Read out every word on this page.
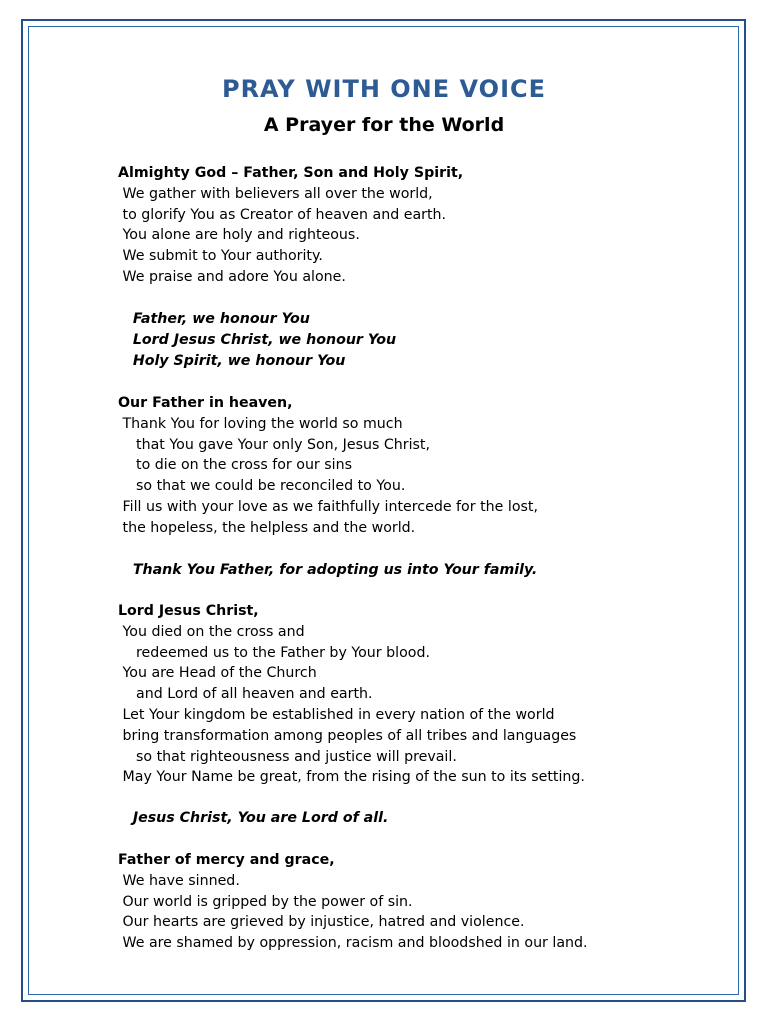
PRAY WITH ONE VOICE
A Prayer for the World
Almighty God – Father, Son and Holy Spirit,
We gather with believers all over the world,
to glorify You as Creator of heaven and earth.
You alone are holy and righteous.
We submit to Your authority.
We praise and adore You alone.
Father, we honour You
Lord Jesus Christ, we honour You
Holy Spirit, we honour You
Our Father in heaven,
Thank You for loving the world so much
that You gave Your only Son, Jesus Christ,
to die on the cross for our sins
so that we could be reconciled to You.
Fill us with your love as we faithfully intercede for the lost,
the hopeless, the helpless and the world.
Thank You Father, for adopting us into Your family.
Lord Jesus Christ,
You died on the cross and
redeemed us to the Father by Your blood.
You are Head of the Church
and Lord of all heaven and earth.
Let Your kingdom be established in every nation of the world
bring transformation among peoples of all tribes and languages
so that righteousness and justice will prevail.
May Your Name be great, from the rising of the sun to its setting.
Jesus Christ, You are Lord of all.
Father of mercy and grace,
We have sinned.
Our world is gripped by the power of sin.
Our hearts are grieved by injustice, hatred and violence.
We are shamed by oppression, racism and bloodshed in our land.
